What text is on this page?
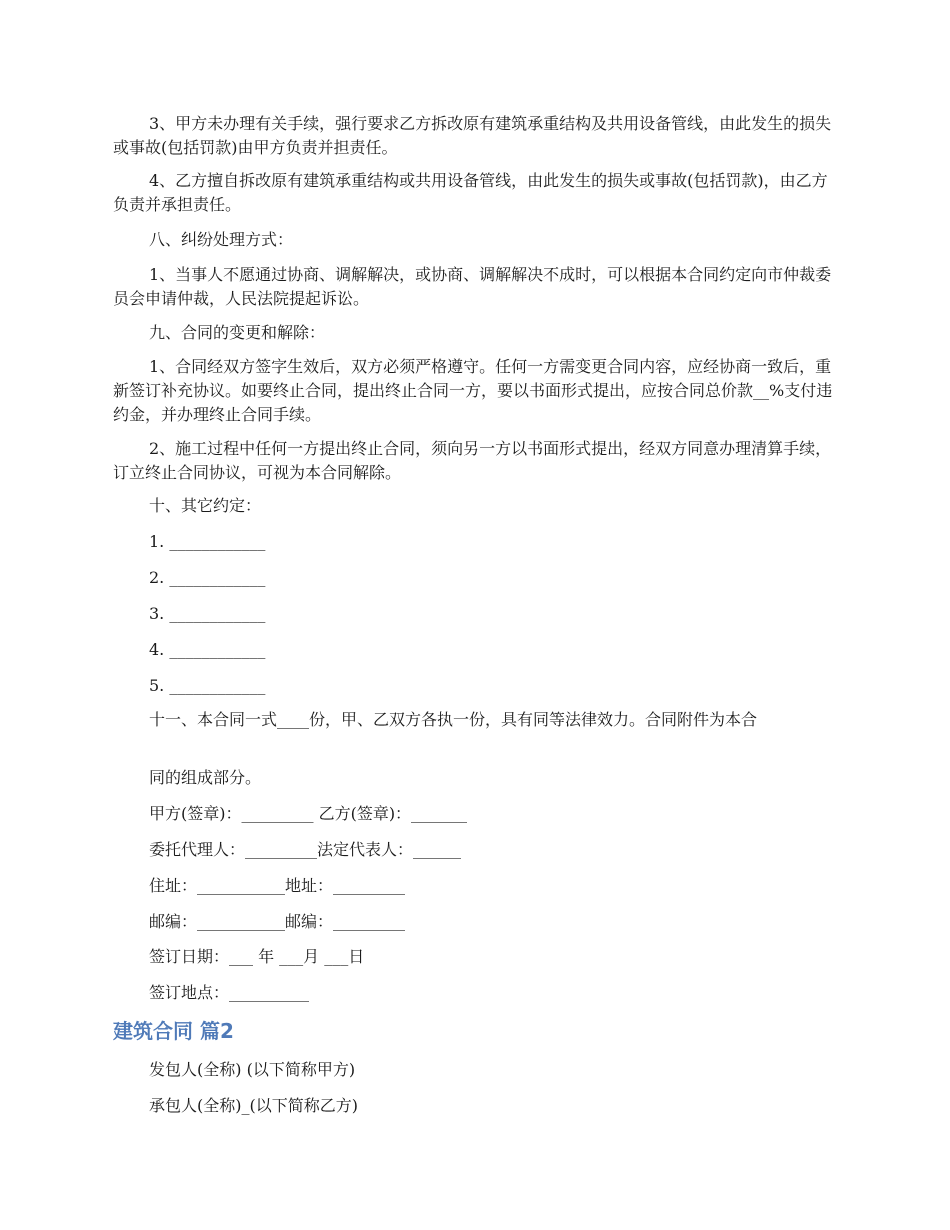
3、甲方未办理有关手续，强行要求乙方拆改原有建筑承重结构及共用设备管线，由此发生的损失或事故(包括罚款)由甲方负责并担责任。

4、乙方擅自拆改原有建筑承重结构或共用设备管线，由此发生的损失或事故(包括罚款)，由乙方负责并承担责任。

八、纠纷处理方式：

1、当事人不愿通过协商、调解解决，或协商、调解解决不成时，可以根据本合同约定向市仲裁委员会申请仲裁，人民法院提起诉讼。

九、合同的变更和解除：

1、合同经双方签字生效后，双方必须严格遵守。任何一方需变更合同内容，应经协商一致后，重新签订补充协议。如要终止合同，提出终止合同一方，要以书面形式提出，应按合同总价款__%支付违约金，并办理终止合同手续。

2、施工过程中任何一方提出终止合同，须向另一方以书面形式提出，经双方同意办理清算手续，订立终止合同协议，可视为本合同解除。

十、其它约定：

1. ____________

2. ____________

3. ____________

4. ____________

5. ____________

十一、本合同一式____份，甲、乙双方各执一份，具有同等法律效力。合同附件为本合

同的组成部分。

甲方(签章)：_________ 乙方(签章)：_______

委托代理人：_________法定代表人：______

住址：___________地址：_________

邮编：___________邮编：_________

签订日期：___ 年 ___月 ___日

签订地点：__________

建筑合同 篇2

发包人(全称) (以下简称甲方)

承包人(全称)_(以下简称乙方)
